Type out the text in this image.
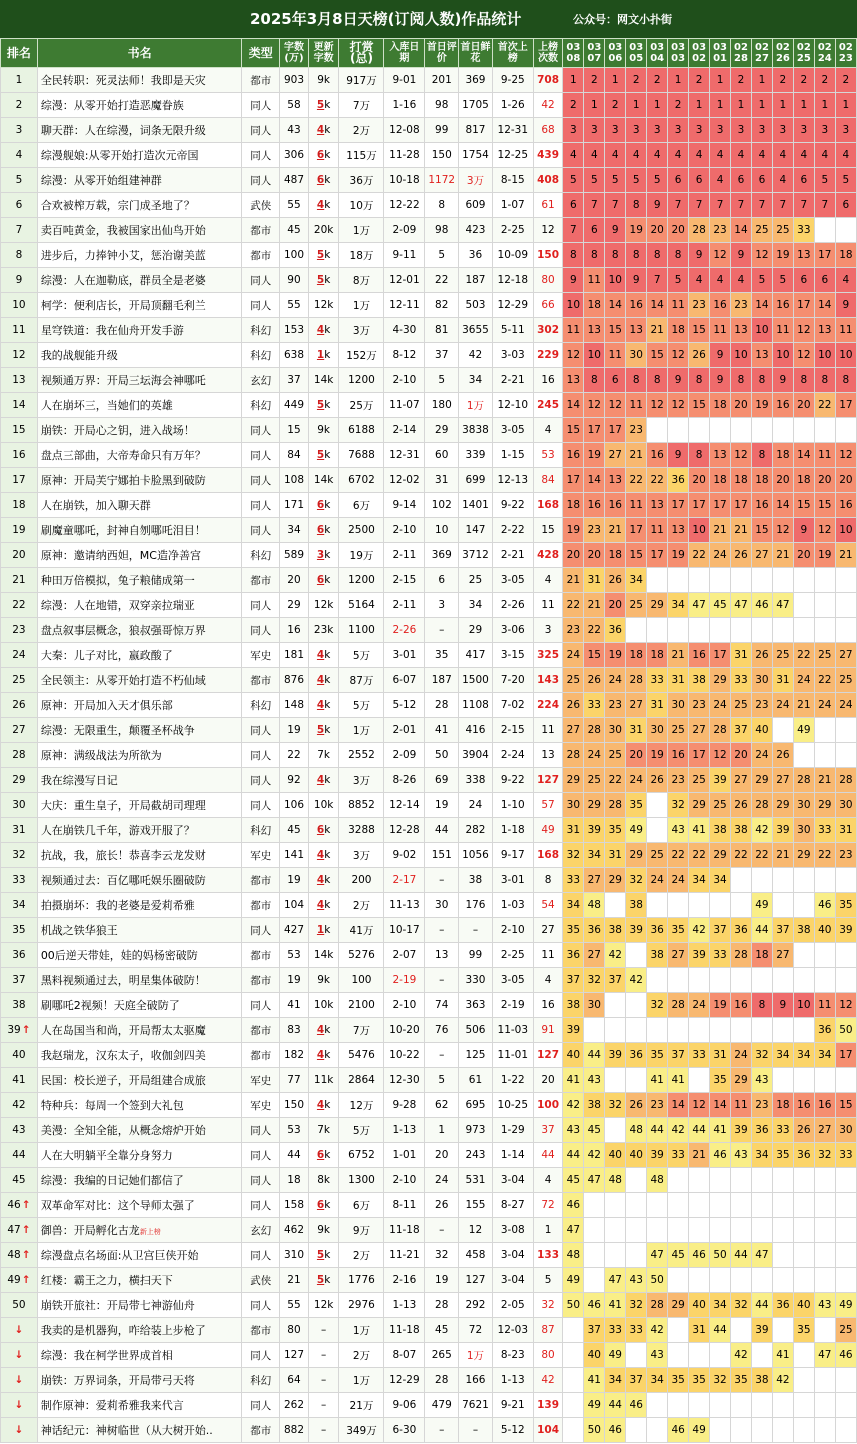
2025年3月8日天榜(订阅人数)作品统计	公众号：网文小扑街
排名	书名	类型	字数(万)	更新字数	打赏(总)	入库日期	首日评价	首日鲜花	首次上榜	上榜次数	03 08	03 07	03 06	03 05	03 04	03 03	03 02	03 01	02 28	02 27	02 26	02 25	02 24	02 23
1	全民转职：死灵法师！我即是天灾	都市	903	9k	917万	9-01	201	369	9-25	708	1	2	1	2	2	1	2	1	2	1	2	2	2	2
2	综漫：从零开始打造恶魔眷族	同人	58	5k	7万	1-16	98	1705	1-26	42	2	1	2	1	1	2	1	1	1	1	1	1	1	1
3	聊天群：人在综漫，词条无限升级	同人	43	4k	2万	12-08	99	817	12-31	68	3	3	3	3	3	3	3	3	3	3	3	3	3	3
4	综漫舰娘:从零开始打造次元帝国	同人	306	6k	115万	11-28	150	1754	12-25	439	4	4	4	4	4	4	4	4	4	4	4	4	4	4
5	综漫：从零开始组建神群	同人	487	6k	36万	10-18	1172	3万	8-15	408	5	5	5	5	5	6	6	4	6	6	4	6	5	5
6	合欢被榨万载，宗门成圣地了？	武侠	55	4k	10万	12-22	8	609	1-07	61	6	7	7	8	9	7	7	7	7	7	7	7	7	6
7	卖百吨黄金，我被国家出仙鸟开始	都市	45	20k	1万	2-09	98	423	2-25	12	7	6	9	19	20	20	28	23	14	25	25	33		
8	进步后，力捧钟小艾，惩治谢美蓝	都市	100	5k	18万	9-11	5	36	10-09	150	8	8	8	8	8	8	9	12	9	12	19	13	17	18
9	综漫：人在迦勒底，群员全是老婆	同人	90	5k	8万	12-01	22	187	12-18	80	9	11	10	9	7	5	4	4	4	5	5	6	6	4
10	柯学：便利店长，开局顶翻毛利兰	同人	55	12k	1万	12-11	82	503	12-29	66	10	18	14	16	14	11	23	16	23	14	16	17	14	9
11	星穹铁道：我在仙舟开发手游	科幻	153	4k	3万	4-30	81	3655	5-11	302	11	13	15	13	21	18	15	11	13	10	11	12	13	11
12	我的战舰能升级	科幻	638	1k	152万	8-12	37	42	3-03	229	12	10	11	30	15	12	26	9	10	13	10	12	10	10
13	视频通万界：开局三坛海会神哪吒	玄幻	37	14k	1200	2-10	5	34	2-21	16	13	8	6	8	8	9	8	9	8	8	9	8	8	8
14	人在崩坏三，当她们的英雄	科幻	449	5k	25万	11-07	180	1万	12-10	245	14	12	12	11	12	12	15	18	20	19	16	20	22	17
15	崩铁：开局心之钥，进入战场！	同人	15	9k	6188	2-14	29	3838	3-05	4	15	17	17	23										
16	盘点三部曲，大帝寿命只有万年？	同人	84	5k	7688	12-31	60	339	1-15	53	16	19	27	21	16	9	8	13	12	8	18	14	11	12
17	原神：开局芙宁娜拍卡脸黑到破防	同人	108	14k	6702	12-02	31	699	12-13	84	17	14	13	22	22	36	20	18	18	18	20	18	20	20
18	人在崩铁，加入聊天群	同人	171	6k	6万	9-14	102	1401	9-22	168	18	16	16	11	13	17	17	17	17	16	14	15	15	16
19	刷魔童哪吒，封神自刎哪吒泪目！	同人	34	6k	2500	2-10	10	147	2-22	15	19	23	21	17	11	13	10	21	21	15	12	9	12	10
20	原神：邀请纳西妲，MC造净善宫	科幻	589	3k	19万	2-11	369	3712	2-21	428	20	20	18	15	17	19	22	24	26	27	21	20	19	21
21	种田万倍模拟，兔子粮储成第一	都市	20	6k	1200	2-15	6	25	3-05	4	21	31	26	34										
22	综漫：人在地错，双穿亲拉瑞亚	同人	29	12k	5164	2-11	3	34	2-26	11	22	21	20	25	29	34	47	45	47	46	47			
23	盘点叙事层概念，狼叔强哥惊万界	同人	16	23k	1100	2-26	–	29	3-06	3	23	22	36											
24	大秦：儿子对比，嬴政酸了	军史	181	4k	5万	3-01	35	417	3-15	325	24	15	19	18	18	21	16	17	31	26	25	22	25	27
25	全民领主：从零开始打造不朽仙域	都市	876	4k	87万	6-07	187	1500	7-20	143	25	26	24	28	33	31	38	29	33	30	31	24	22	25
26	原神：开局加入天才俱乐部	科幻	148	4k	5万	5-12	28	1108	7-02	224	26	33	23	27	31	30	23	24	25	23	24	21	24	24
27	综漫：无限重生，颠覆圣杯战争	同人	19	5k	1万	2-01	41	416	2-15	11	27	28	30	31	30	25	27	28	37	40		49		
28	原神：满级战法为所欲为	同人	22	7k	2552	2-09	50	3904	2-24	13	28	24	25	20	19	16	17	12	20	24	26			
29	我在综漫写日记	同人	92	4k	3万	8-26	69	338	9-22	127	29	25	22	24	26	23	25	39	27	29	27	28	21	28
30	大庆：重生皇子，开局截胡司理理	同人	106	10k	8852	12-14	19	24	1-10	57	30	29	28	35		32	29	25	26	28	29	30	29	30
31	人在崩铁几千年，游戏开服了？	科幻	45	6k	3288	12-28	44	282	1-18	49	31	39	35	49		43	41	38	38	42	39	30	33	31
32	抗战，我，旅长！恭喜李云龙发财	军史	141	4k	3万	9-02	151	1056	9-17	168	32	34	31	29	25	22	22	29	22	22	21	29	22	23
33	视频通过去：百亿哪吒娱乐圈破防	都市	19	4k	200	2-17	–	38	3-01	8	33	27	29	32	24	24	34	34						
34	拍摄崩坏：我的老婆是爱莉希雅	都市	104	4k	2万	11-13	30	176	1-03	54	34	48		38						49			46	35
35	机战之铁华狼王	同人	427	1k	41万	10-17	–	–	2-10	27	35	36	38	39	36	35	42	37	36	44	37	38	40	39
36	00后逆天带娃，娃的妈杨密破防	都市	53	14k	5276	2-07	13	99	2-25	11	36	27	42		38	27	39	33	28	18	27			
37	黑料视频通过去，明星集体破防！	都市	19	9k	100	2-19	–	330	3-05	4	37	32	37	42										
38	刷哪吒2视频！天庭全破防了	同人	41	10k	2100	2-10	74	363	2-19	16	38	30			32	28	24	19	16	8	9	10	11	12
39↑	人在岛国当和尚，开局帮太太驱魔	都市	83	4k	7万	10-20	76	506	11-03	91	39												36	50
40	我赵瑞龙，汉东太子，收伽剑四美	都市	182	4k	5476	10-22	–	125	11-01	127	40	44	39	36	35	37	33	31	24	32	34	34	34	17
41	民国：校长逆子，开局组建合成旅	军史	77	11k	2864	12-30	5	61	1-22	20	41	43			41	41		35	29	43				
42	特种兵：每周一个签到大礼包	军史	150	4k	12万	9-28	62	695	10-25	100	42	38	32	26	23	14	12	14	11	23	18	16	16	15
43	美漫：全知全能，从概念熔炉开始	同人	53	7k	5万	1-13	1	973	1-29	37	43	45		48	44	42	44	41	39	36	33	26	27	30
44	人在大明躺平全靠分身努力	同人	44	6k	6752	1-01	20	243	1-14	44	44	42	40	40	39	33	21	46	43	34	35	36	32	33
45	综漫：我编的日记她们都信了	同人	18	8k	1300	2-10	24	531	3-04	4	45	47	48		48									
46↑	双革命军对比：这个导师太强了	同人	158	6k	6万	8-11	26	155	8-27	72	46													
47↑	御兽：开局孵化古龙新上榜	玄幻	462	9k	9万	11-18	–	12	3-08	1	47													
48↑	综漫盘点名场面:从卫宫巨侠开始	同人	310	5k	2万	11-21	32	458	3-04	133	48				47	45	46	50	44	47				
49↑	红楼：霸王之力，横扫天下	武侠	21	5k	1776	2-16	19	127	3-04	5	49		47	43	50									
50	崩铁开旅社：开局带七神游仙舟	同人	55	12k	2976	1-13	28	292	2-05	32	50	46	41	32	28	29	40	34	32	44	36	40	43	49
↓	我卖的是机器狗，咋给装上步枪了	都市	80	–	1万	11-18	45	72	12-03	87		37	33	33	42		31	44		39		35		25
↓	综漫：我在柯学世界成首相	同人	127	–	2万	8-07	265	1万	8-23	80		40	49		43				42		41		47	46
↓	崩铁：万界词条，开局带弓天将	科幻	64	–	1万	12-29	28	166	1-13	42		41	34	37	34	35	35	32	35	38	42			
↓	制作原神：爱莉希雅我来代言	同人	262	–	21万	9-06	479	7621	9-21	139		49	44	46										
↓	神话纪元：神树临世（从大树开始..	都市	882	–	349万	6-30	–	–	5-12	104		50	46			46	49							
